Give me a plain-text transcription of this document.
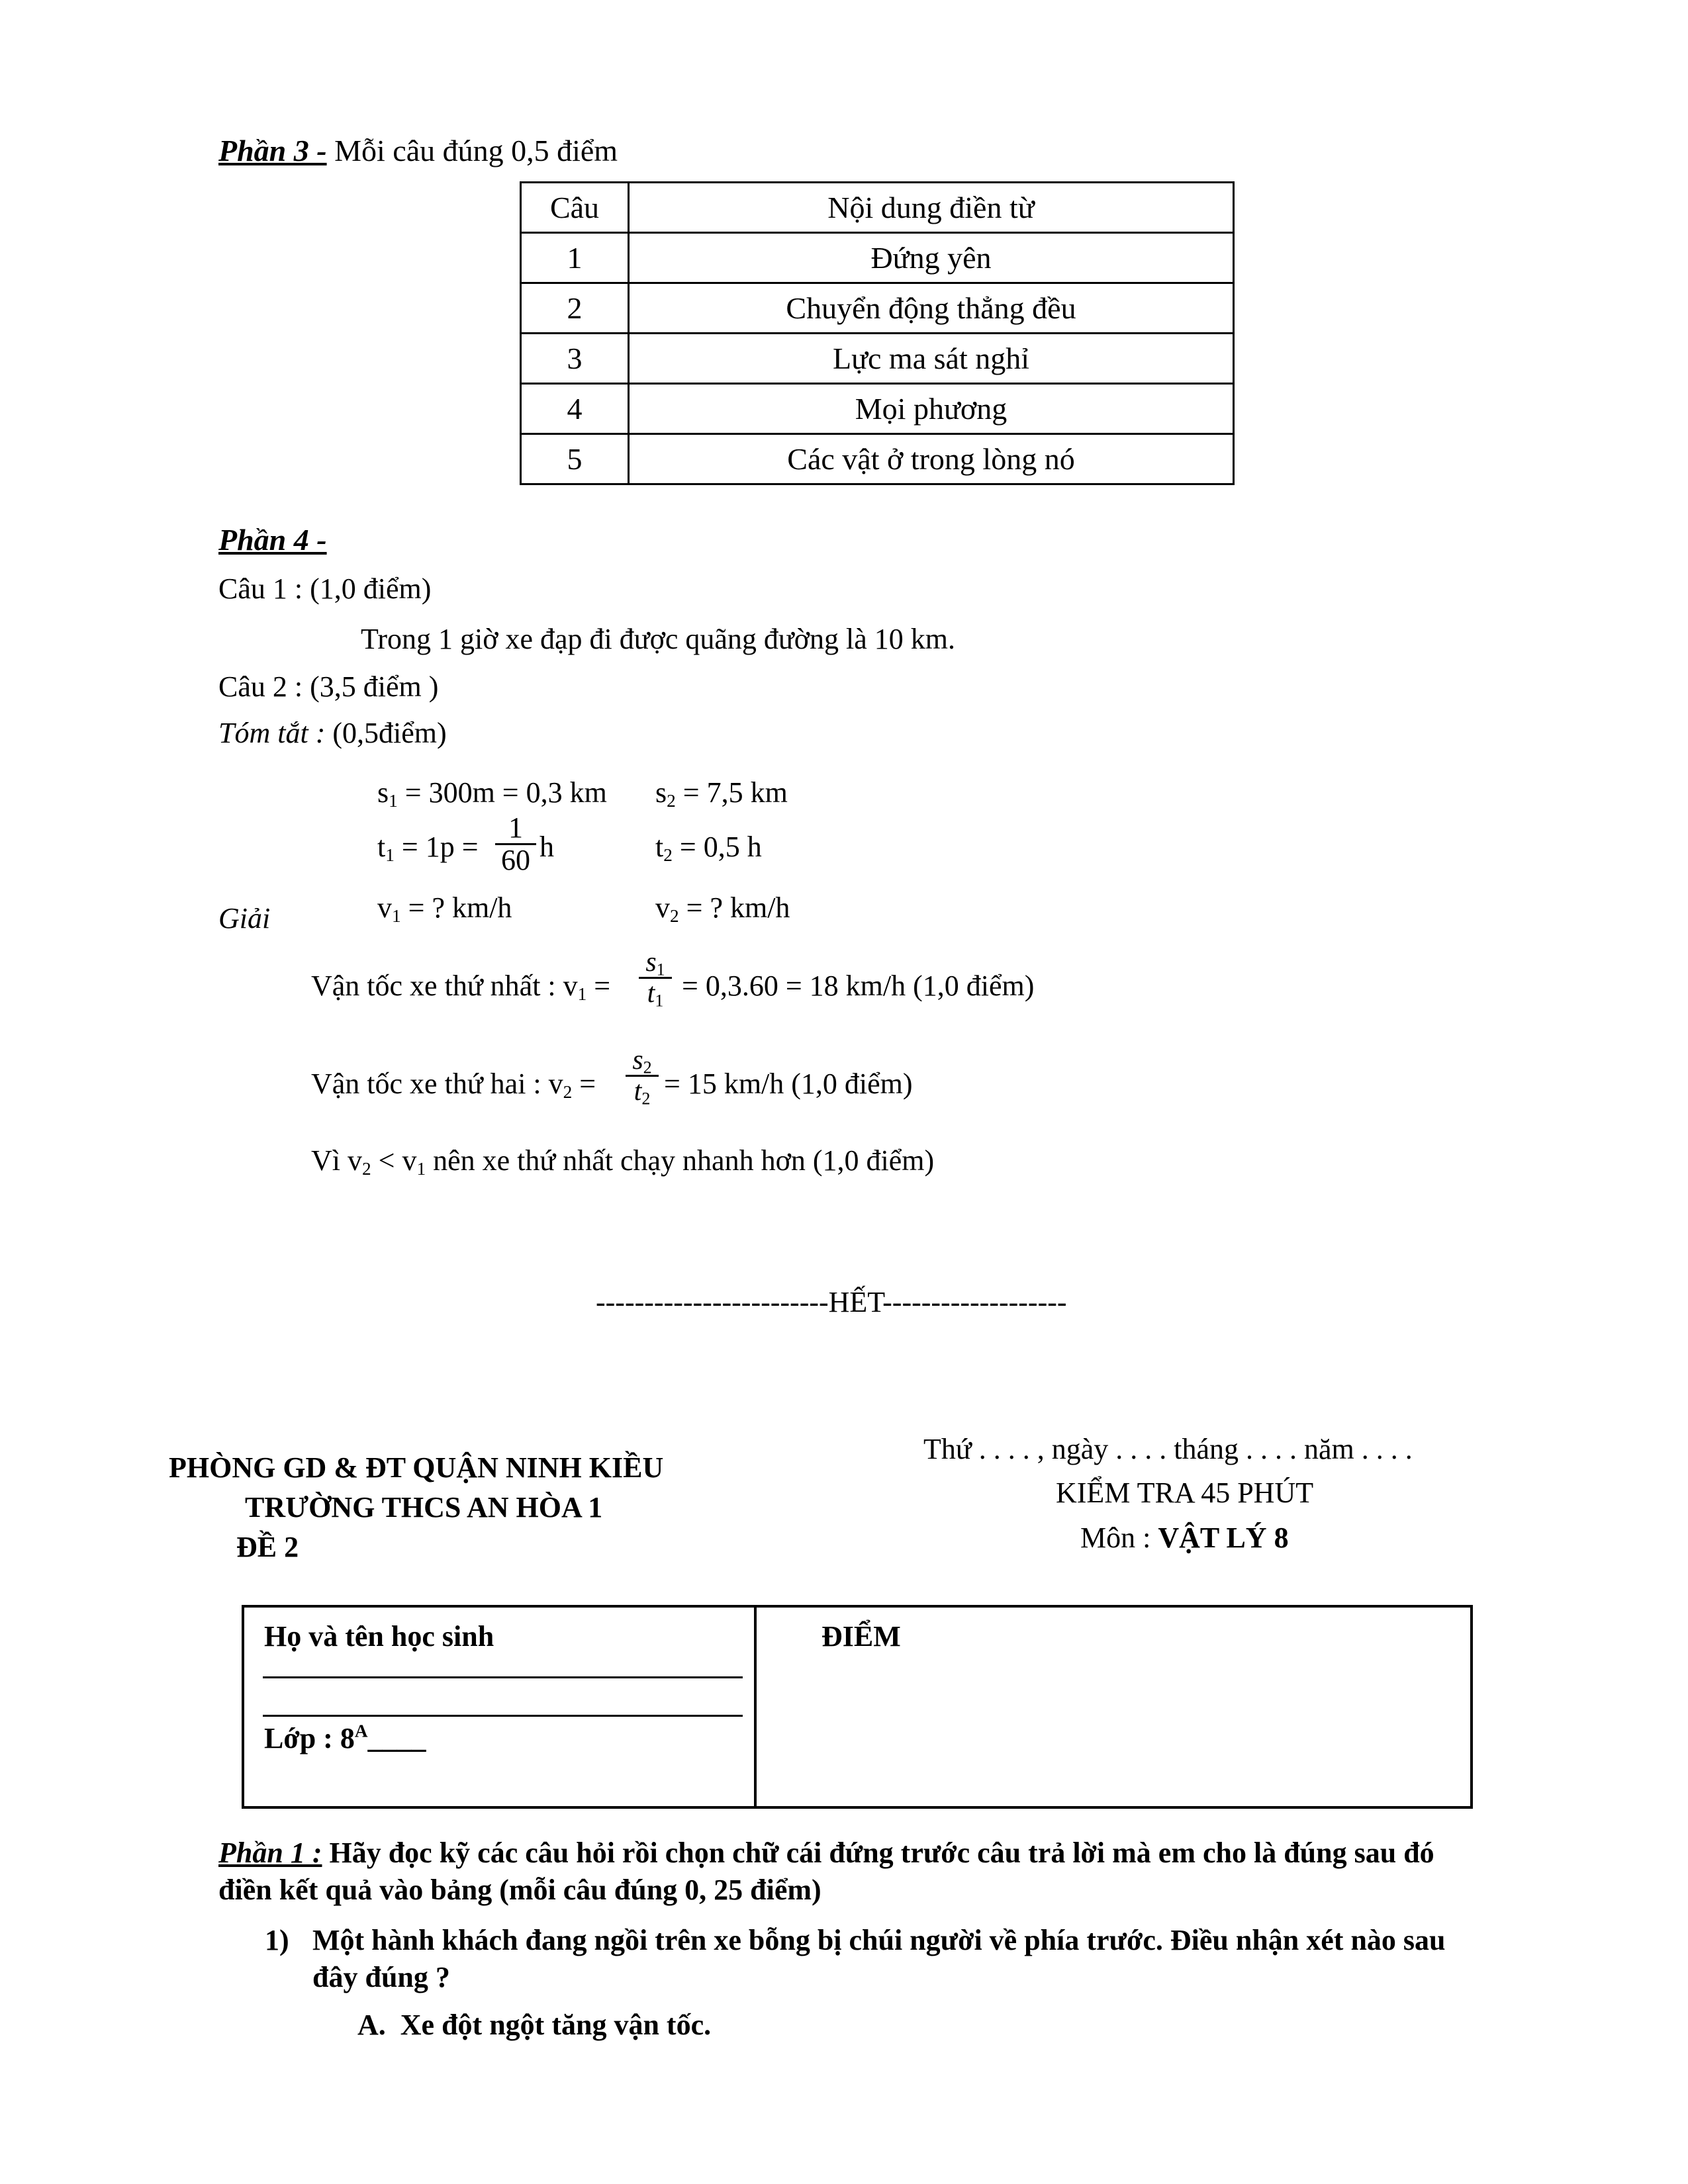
Phần 3 - Mỗi câu đúng 0,5 điểm
Câu	Nội dung điền từ
1	Đứng yên
2	Chuyển động thẳng đều
3	Lực ma sát nghỉ
4	Mọi phương
5	Các vật ở trong lòng nó
Phần 4 -
Câu 1 : (1,0 điểm)
Trong 1 giờ xe đạp đi được quãng đường là 10 km.
Câu 2 : (3,5 điểm )
Tóm tắt : (0,5điểm)
$s_1 = 300m = 0,3$ km $s_2 = 7,5$ km
$t_1 = 1p$ =
1
60 h	$t_2 = 0,5$ h
Giải	$v_1$ = ? km/h	$v_2$ = ? km/h
Vận tốc xe thứ nhất : $v_1$ =
$s_1$
$t_1 = 0,3.60 = 18$ km/h (1,0 điểm)
Vận tốc xe thứ hai : $v_2$ =
$s_2$
$t_2 = 15$ km/h (1,0 điểm)
Vì $v_2 < v_1$ nên xe thứ nhất chạy nhanh hơn (1,0 điểm)
------------------------HẾT-------------------
PHÒNG GD & ĐT QUẬN NINH KIỀU
TRƯỜNG THCS AN HÒA 1
ĐỀ 2
Thứ . . . . , ngày . . . . tháng . . . . năm . . . .
KIỂM TRA 45 PHÚT
Môn : VẬT LÝ 8
Họ và tên học sinh
Lớp : $8^A\_\_\_\_$
ĐIỂM
Phần 1 : Hãy đọc kỹ các câu hỏi rồi chọn chữ cái đứng trước câu trả lời mà em cho là đúng sau đó
điền kết quả vào bảng (mỗi câu đúng 0, 25 điểm)
1) Một hành khách đang ngồi trên xe bỗng bị chúi người về phía trước. Điều nhận xét nào sau
đây đúng ?
A. Xe đột ngột tăng vận tốc.
